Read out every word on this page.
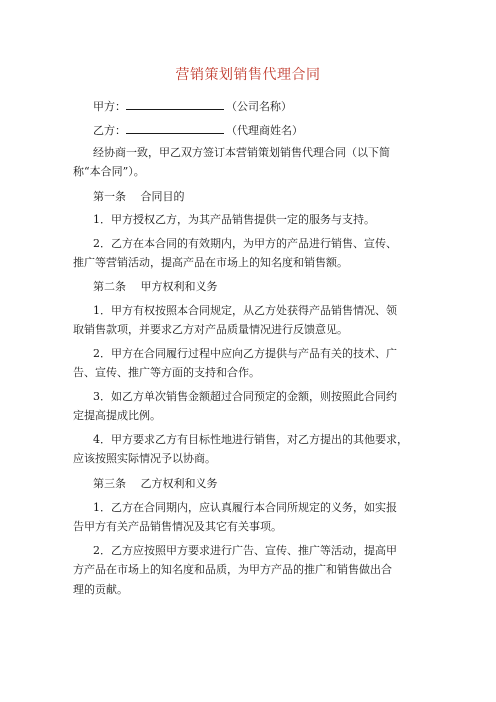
营销策划销售代理合同
甲方：	（公司名称）
乙方：	（代理商姓名）
经协商一致，甲乙双方签订本营销策划销售代理合同（以下简
称“本合同”）。
第一条　 合同目的
1．甲方授权乙方，为其产品销售提供一定的服务与支持。
2．乙方在本合同的有效期内，为甲方的产品进行销售、宣传、
推广等营销活动，提高产品在市场上的知名度和销售额。
第二条　 甲方权利和义务
1．甲方有权按照本合同规定，从乙方处获得产品销售情况、领
取销售款项，并要求乙方对产品质量情况进行反馈意见。
2．甲方在合同履行过程中应向乙方提供与产品有关的技术、广
告、宣传、推广等方面的支持和合作。
3．如乙方单次销售金额超过合同预定的金额，则按照此合同约
定提高提成比例。
4．甲方要求乙方有目标性地进行销售，对乙方提出的其他要求，
应该按照实际情况予以协商。
第三条　 乙方权利和义务
1．乙方在合同期内，应认真履行本合同所规定的义务，如实报
告甲方有关产品销售情况及其它有关事项。
2．乙方应按照甲方要求进行广告、宣传、推广等活动，提高甲
方产品在市场上的知名度和品质，为甲方产品的推广和销售做出合
理的贡献。
